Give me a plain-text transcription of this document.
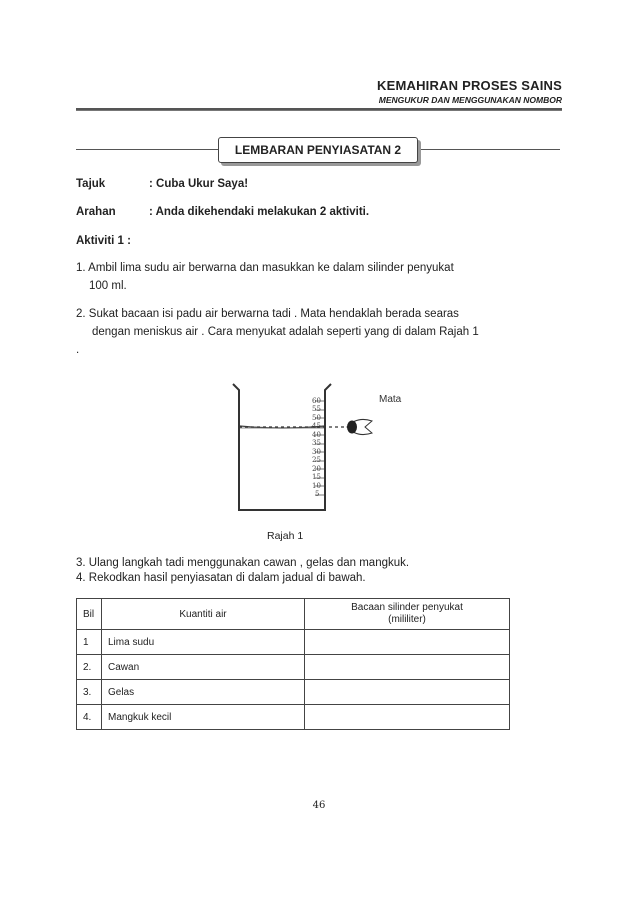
KEMAHIRAN PROSES SAINS
MENGUKUR DAN MENGGUNAKAN NOMBOR
LEMBARAN PENYIASATAN 2
Tajuk	: Cuba Ukur Saya!
Arahan	: Anda dikehendaki melakukan 2 aktiviti.
Aktiviti 1 :
1. Ambil lima sudu air berwarna dan masukkan ke dalam silinder penyukat
100 ml.
2. Sukat bacaan isi padu air berwarna tadi . Mata hendaklah berada searas
dengan meniskus air . Cara menyukat adalah seperti yang di dalam Rajah 1
.
60
55
50
45
40
35
30
25
20
15
10
5
Mata
Rajah 1
3. Ulang langkah tadi menggunakan cawan , gelas dan mangkuk.
4. Rekodkan hasil penyiasatan di dalam jadual di bawah.
Bil	Kuantiti air	Bacaan silinder penyukat
(mililiter)

1	Lima sudu	
2.	Cawan	
3.	Gelas	
4.	Mangkuk kecil	
46
